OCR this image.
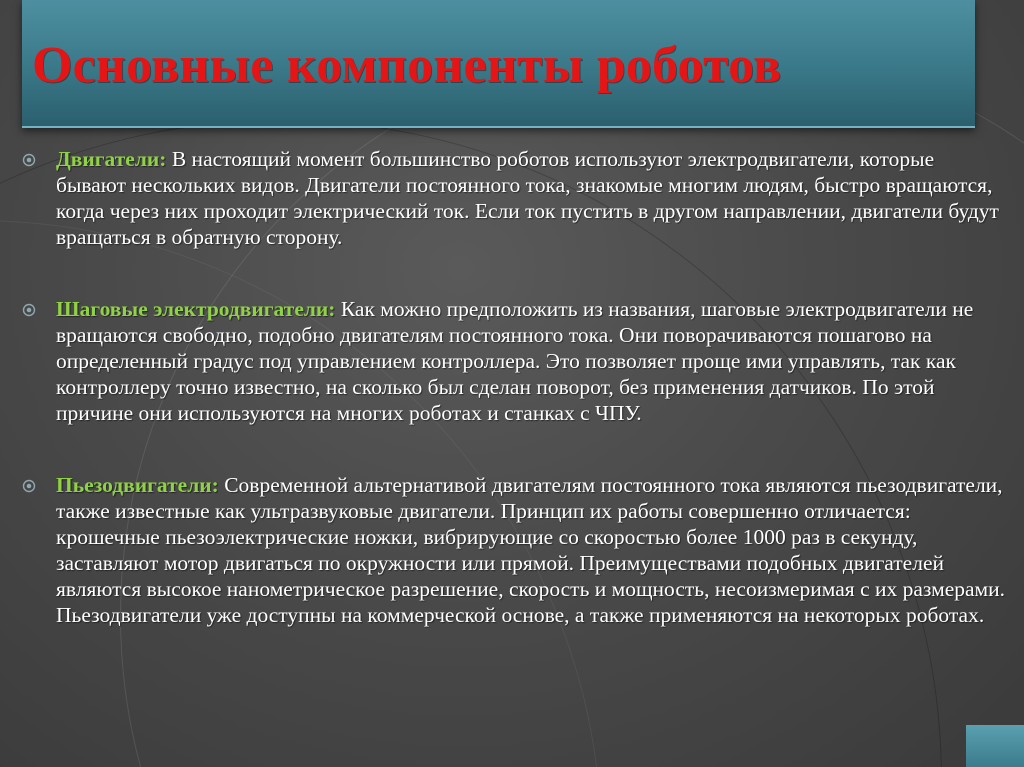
Основные компоненты роботов
Двигатели: В настоящий момент большинство роботов используют электродвигатели, которые бывают нескольких видов. Двигатели постоянного тока, знакомые многим людям, быстро вращаются, когда через них проходит электрический ток. Если ток пустить в другом направлении, двигатели будут вращаться в обратную сторону.
Шаговые электродвигатели: Как можно предположить из названия, шаговые электродвигатели не вращаются свободно, подобно двигателям постоянного тока. Они поворачиваются пошагово на определенный градус под управлением контроллера. Это позволяет проще ими управлять, так как контроллеру точно известно, на сколько был сделан поворот, без применения датчиков. По этой причине они используются на многих роботах и станках с ЧПУ.
Пьезодвигатели: Современной альтернативой двигателям постоянного тока являются пьезодвигатели, также известные как ультразвуковые двигатели. Принцип их работы совершенно отличается: крошечные пьезоэлектрические ножки, вибрирующие со скоростью более 1000 раз в секунду, заставляют мотор двигаться по окружности или прямой. Преимуществами подобных двигателей являются высокое нанометрическое разрешение, скорость и мощность, несоизмеримая с их размерами. Пьезодвигатели уже доступны на коммерческой основе, а также применяются на некоторых роботах.
